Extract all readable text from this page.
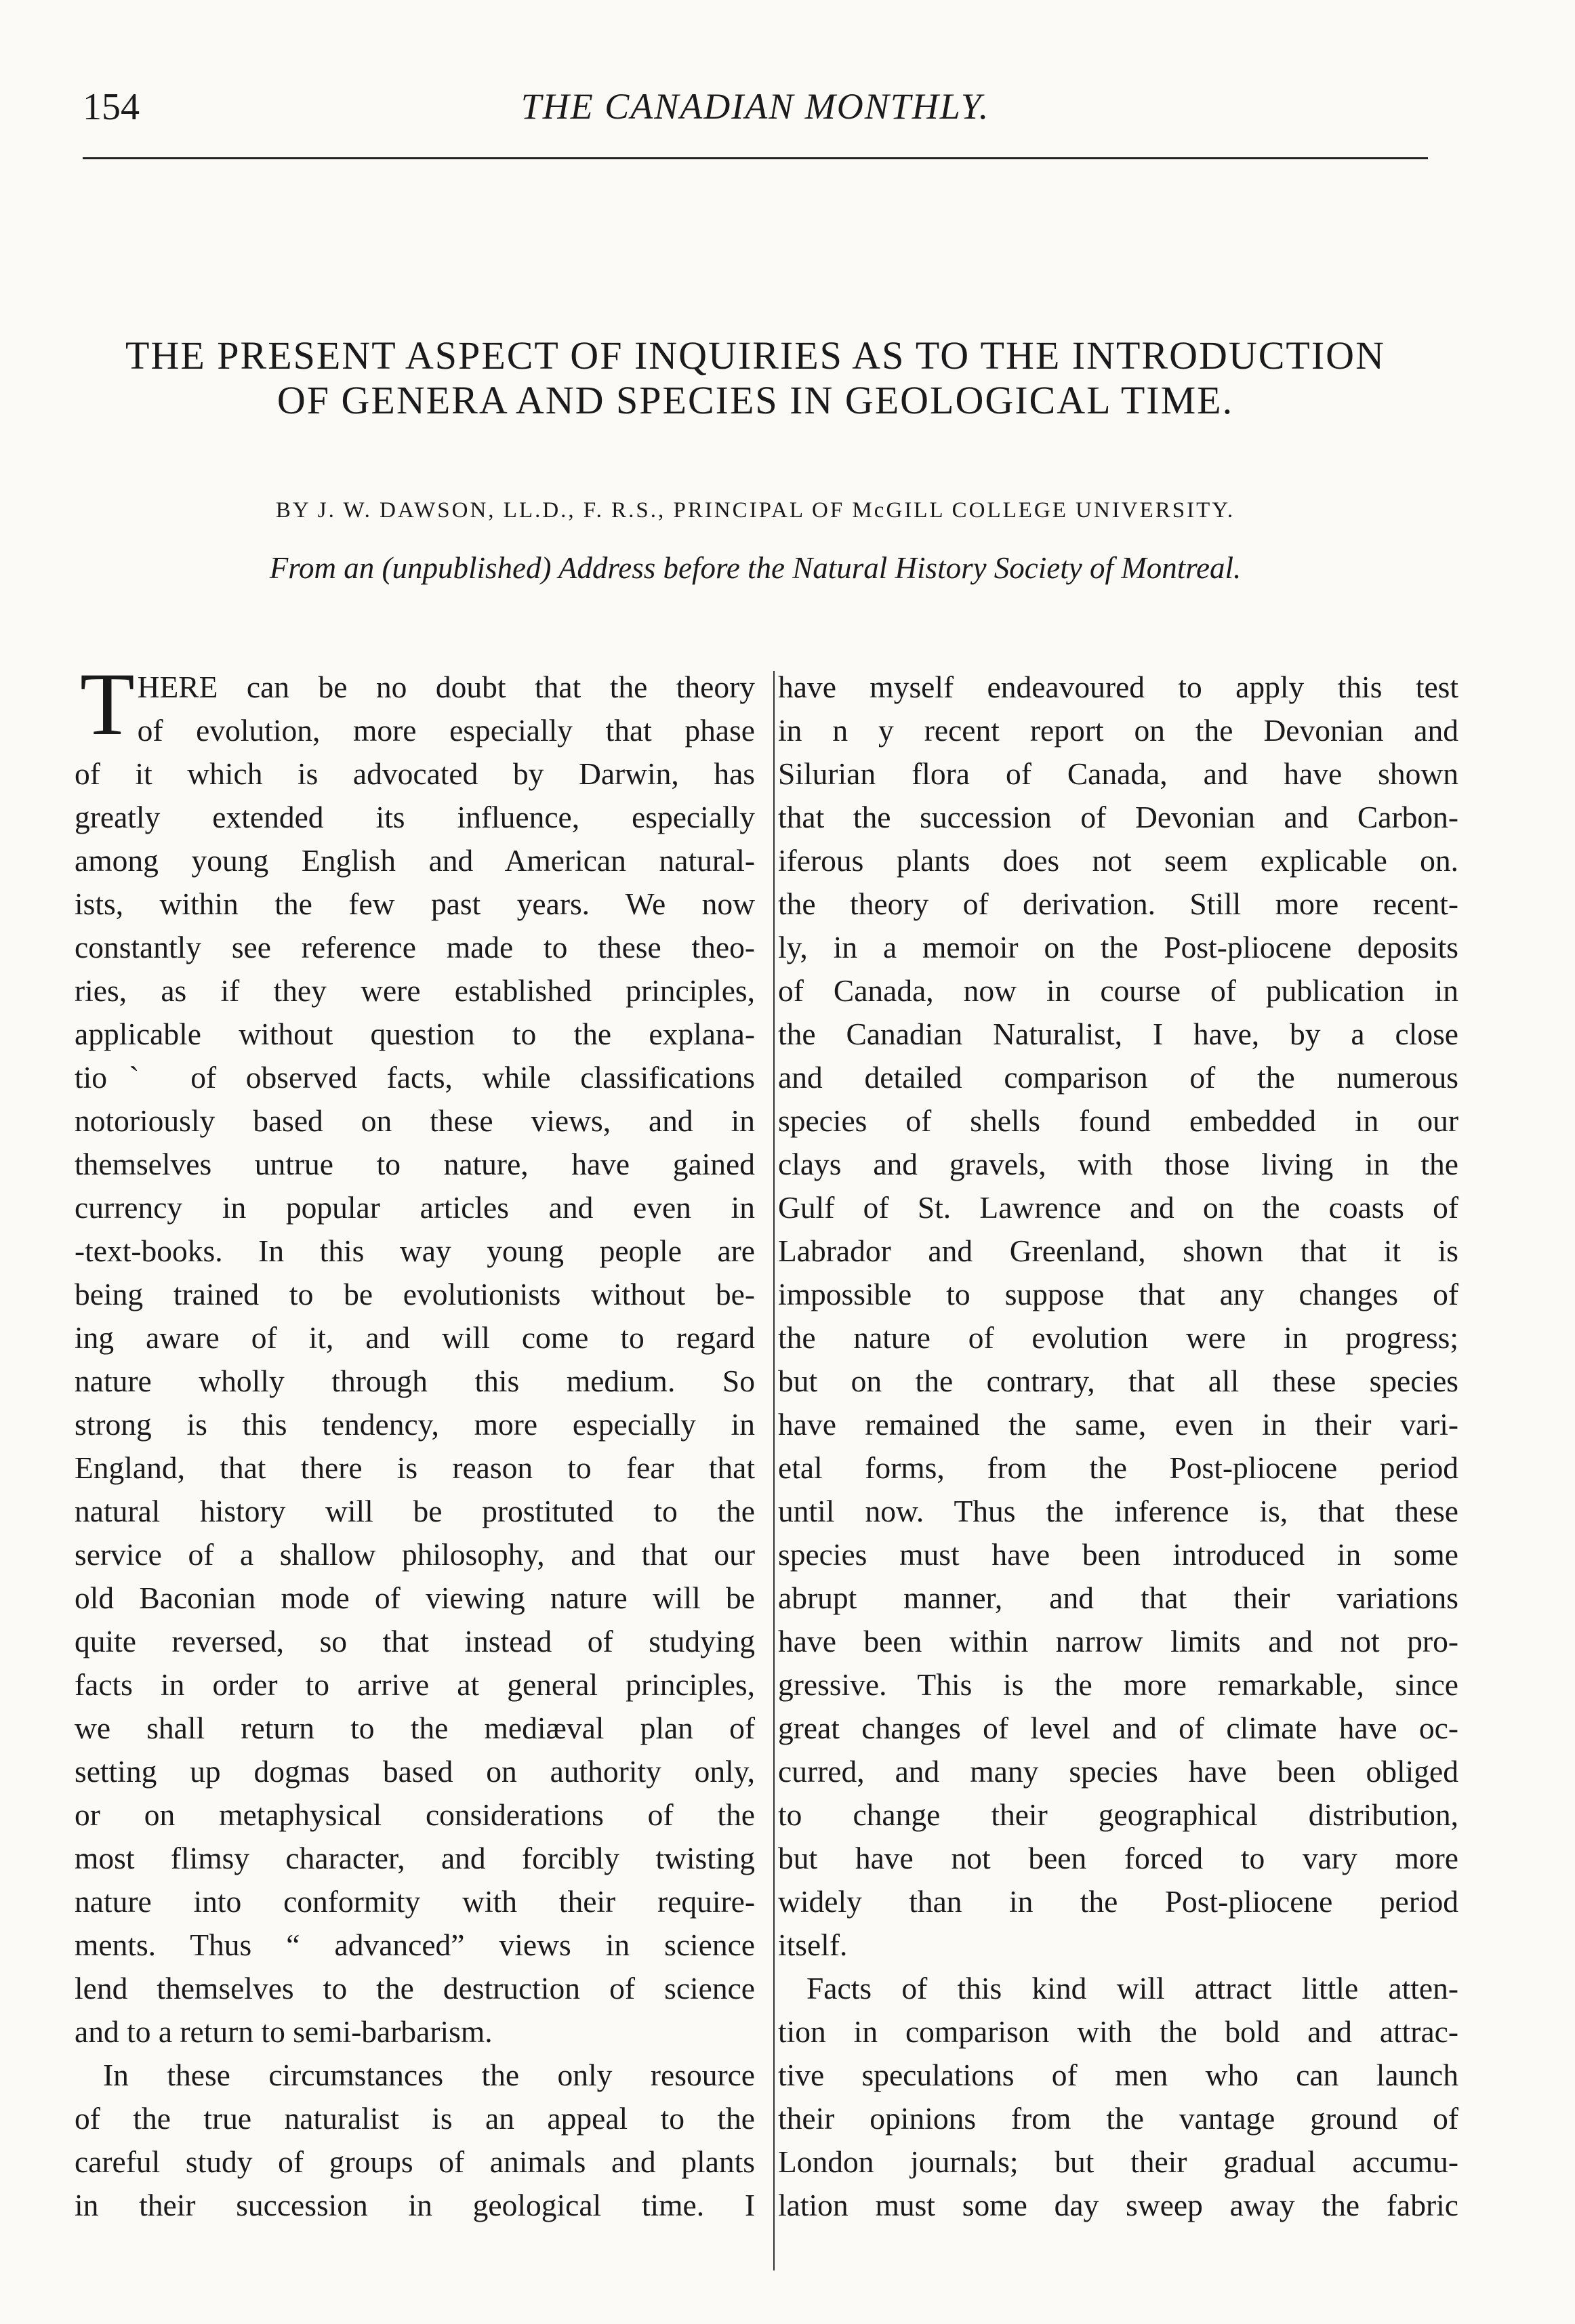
154	THE CANADIAN MONTHLY.
THE PRESENT ASPECT OF INQUIRIES AS TO THE INTRODUCTION
OF GENERA AND SPECIES IN GEOLOGICAL TIME.
BY J. W. DAWSON, LL.D., F. R.S., PRINCIPAL OF McGILL COLLEGE UNIVERSITY.
From an (unpublished) Address before the Natural History Society of Montreal.
T HERE can be no doubt that the theory
of evolution, more especially that phase
of it which is advocated by Darwin, has
greatly extended its influence, especially
among young English and American natural-
ists, within the few past years. We now
constantly see reference made to these theo-
ries, as if they were established principles,
applicable without question to the explana-
tioˋ of observed facts, while classifications
notoriously based on these views, and in
themselves untrue to nature, have gained
currency in popular articles and even in
-text-books. In this way young people are
being trained to be evolutionists without be-
ing aware of it, and will come to regard
nature wholly through this medium. So
strong is this tendency, more especially in
England, that there is reason to fear that
natural history will be prostituted to the
service of a shallow philosophy, and that our
old Baconian mode of viewing nature will be
quite reversed, so that instead of studying
facts in order to arrive at general principles,
we shall return to the mediæval plan of
setting up dogmas based on authority only,
or on metaphysical considerations of the
most flimsy character, and forcibly twisting
nature into conformity with their require-
ments. Thus “ advanced” views in science
lend themselves to the destruction of science
and to a return to semi-barbarism.
In these circumstances the only resource
of the true naturalist is an appeal to the
careful study of groups of animals and plants
in their succession in geological time. I
have myself endeavoured to apply this test
in n y recent report on the Devonian and
Silurian flora of Canada, and have shown
that the succession of Devonian and Carbon-
iferous plants does not seem explicable on.
the theory of derivation. Still more recent-
ly, in a memoir on the Post-pliocene deposits
of Canada, now in course of publication in
the Canadian Naturalist, I have, by a close
and detailed comparison of the numerous
species of shells found embedded in our
clays and gravels, with those living in the
Gulf of St. Lawrence and on the coasts of
Labrador and Greenland, shown that it is
impossible to suppose that any changes of
the nature of evolution were in progress;
but on the contrary, that all these species
have remained the same, even in their vari-
etal forms, from the Post-pliocene period
until now. Thus the inference is, that these
species must have been introduced in some
abrupt manner, and that their variations
have been within narrow limits and not pro-
gressive. This is the more remarkable, since
great changes of level and of climate have oc-
curred, and many species have been obliged
to change their geographical distribution,
but have not been forced to vary more
widely than in the Post-pliocene period
itself.
Facts of this kind will attract little atten-
tion in comparison with the bold and attrac-
tive speculations of men who can launch
their opinions from the vantage ground of
London journals; but their gradual accumu-
lation must some day sweep away the fabric
